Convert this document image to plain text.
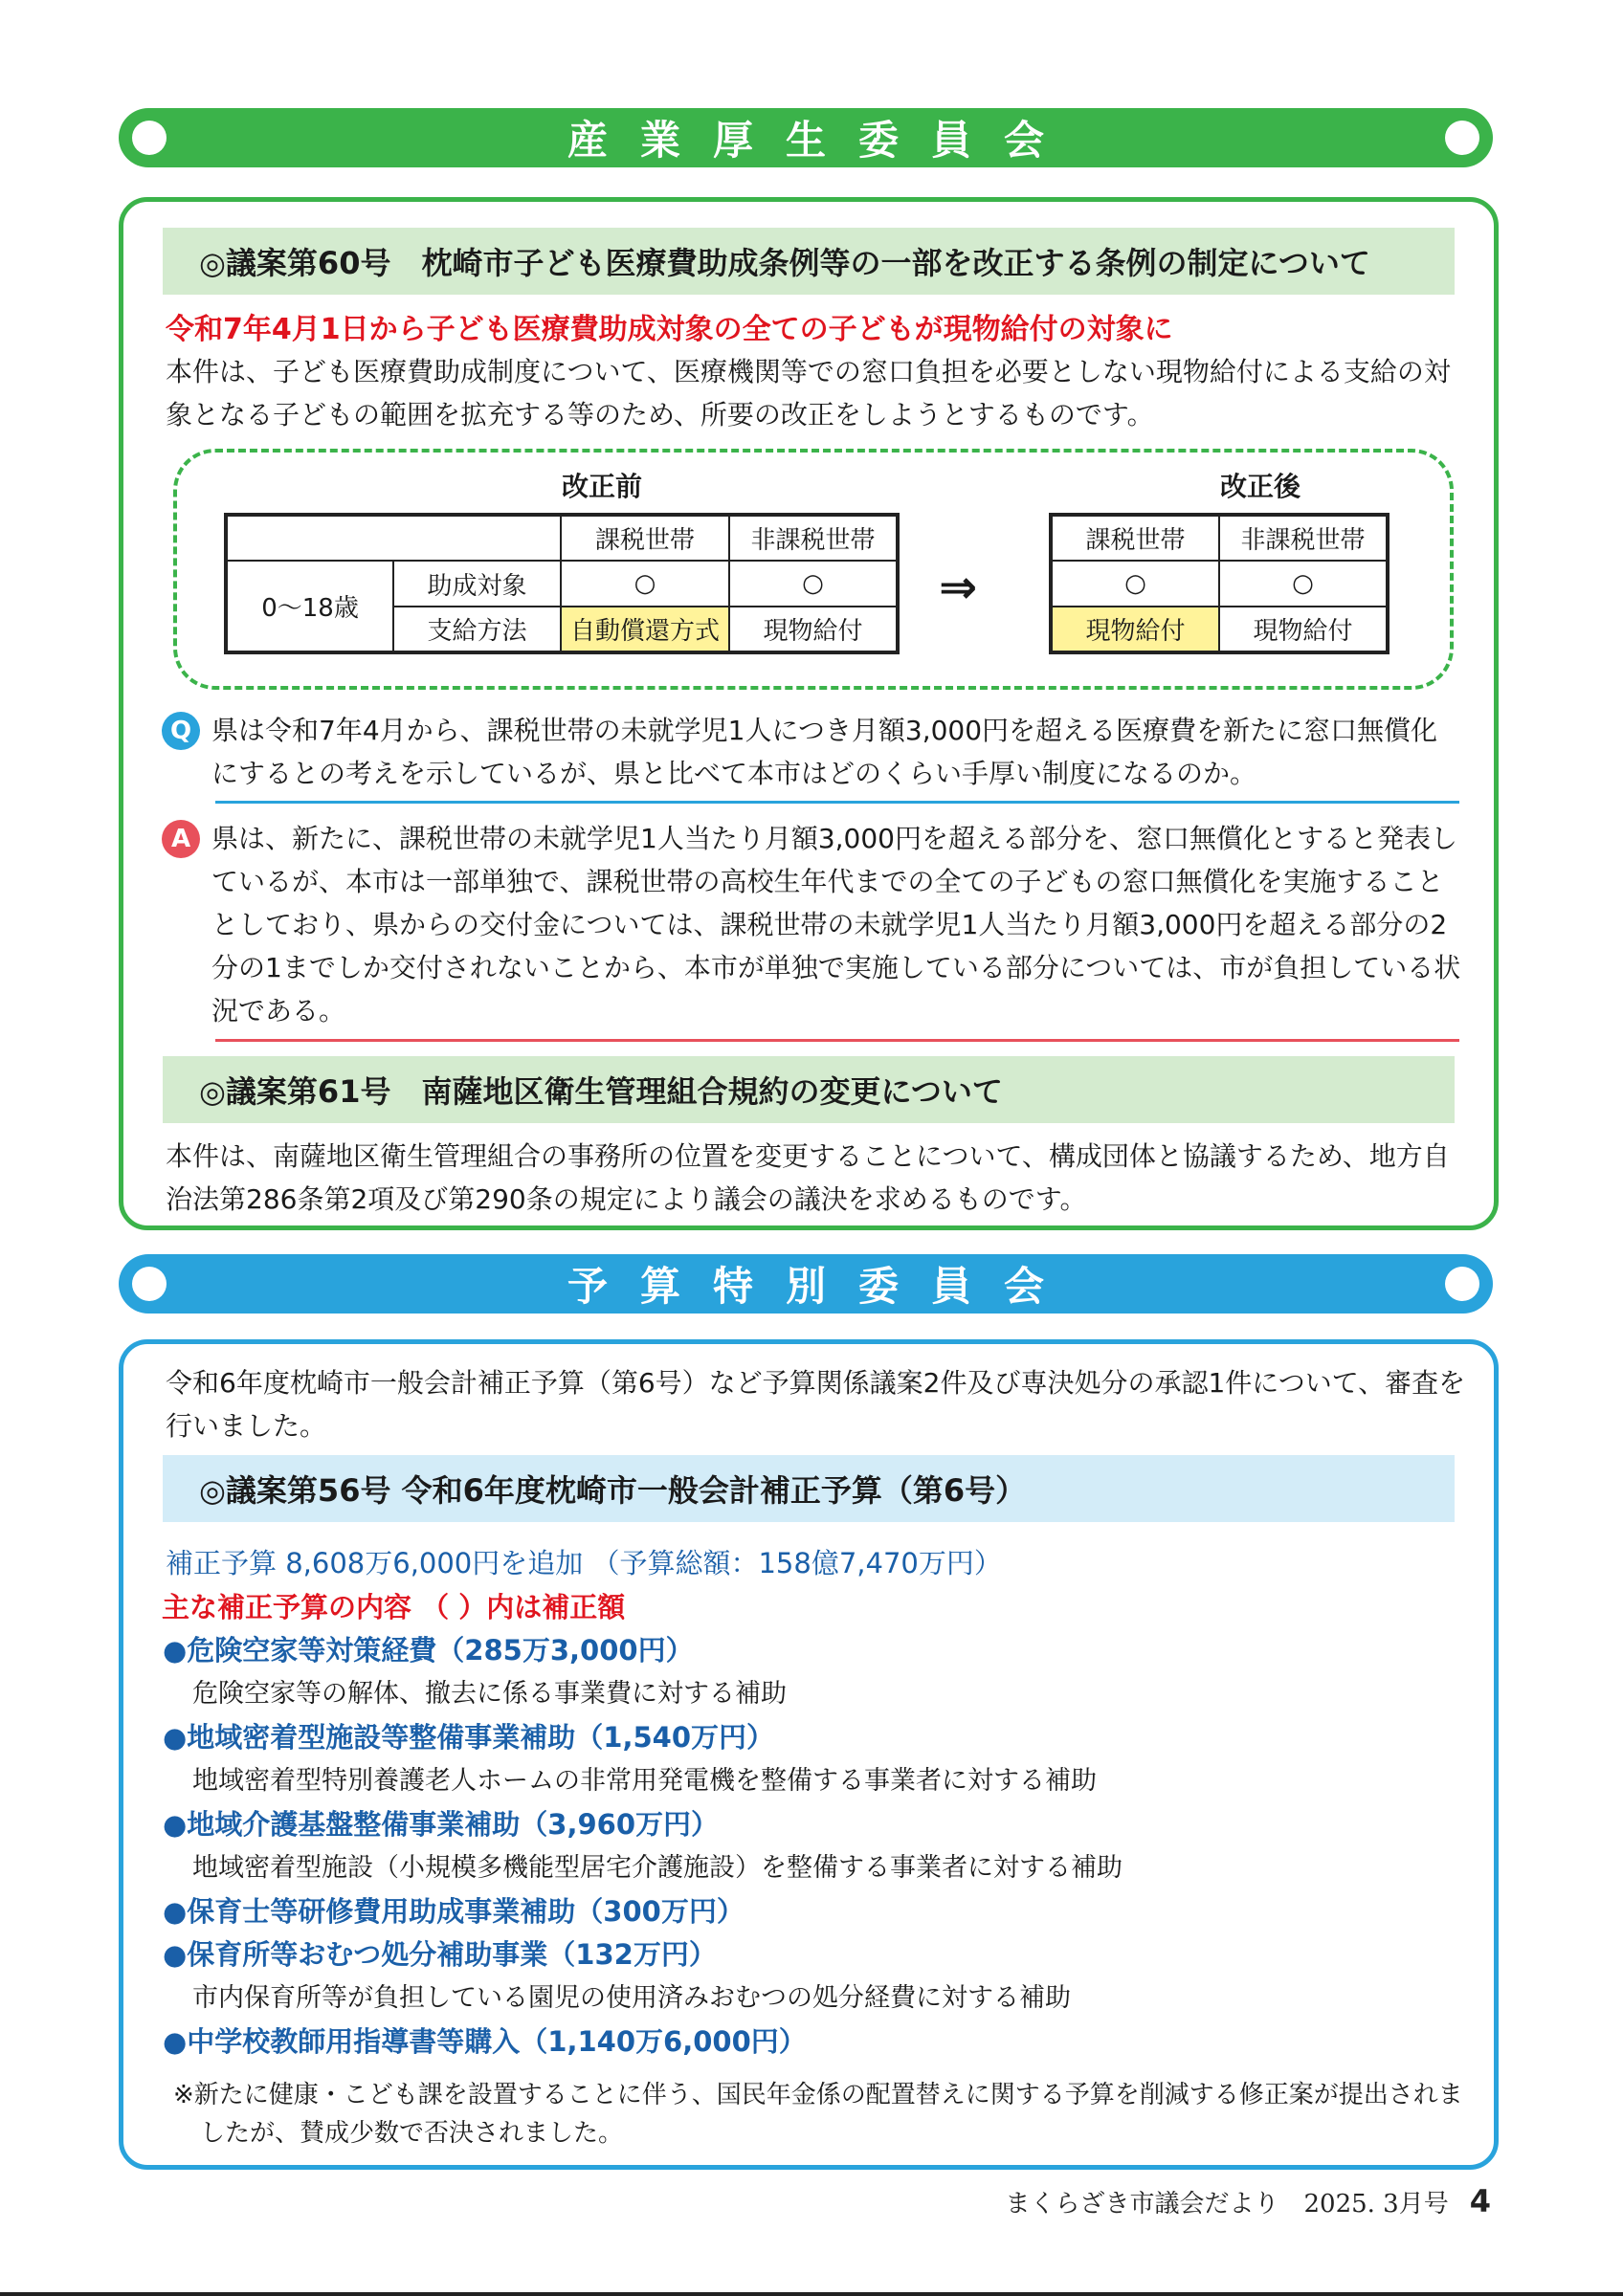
産業厚生委員会
◎議案第60号　枕崎市子ども医療費助成条例等の一部を改正する条例の制定について
令和7年4月1日から子ども医療費助成対象の全ての子どもが現物給付の対象に
本件は、子ども医療費助成制度について、医療機関等での窓口負担を必要としない現物給付による支給の対象となる子どもの範囲を拡充する等のため、所要の改正をしようとするものです。
改正前
		課税世帯	非課税世帯
0～18歳	助成対象	○	○
	支給方法	自動償還方式	現物給付
⇒
改正後
課税世帯	非課税世帯
○	○
現物給付	現物給付
Q 県は令和7年4月から、課税世帯の未就学児1人につき月額3,000円を超える医療費を新たに窓口無償化にするとの考えを示しているが、県と比べて本市はどのくらい手厚い制度になるのか。
A 県は、新たに、課税世帯の未就学児1人当たり月額3,000円を超える部分を、窓口無償化とすると発表しているが、本市は一部単独で、課税世帯の高校生年代までの全ての子どもの窓口無償化を実施することとしており、県からの交付金については、課税世帯の未就学児1人当たり月額3,000円を超える部分の2分の1までしか交付されないことから、本市が単独で実施している部分については、市が負担している状況である。
◎議案第61号　南薩地区衛生管理組合規約の変更について
本件は、南薩地区衛生管理組合の事務所の位置を変更することについて、構成団体と協議するため、地方自治法第286条第2項及び第290条の規定により議会の議決を求めるものです。
予算特別委員会
令和6年度枕崎市一般会計補正予算（第6号）など予算関係議案2件及び専決処分の承認1件について、審査を行いました。
◎議案第56号 令和6年度枕崎市一般会計補正予算（第6号）
補正予算 8,608万6,000円を追加 （予算総額：158億7,470万円）
主な補正予算の内容 （ ）内は補正額
●危険空家等対策経費（285万3,000円）
危険空家等の解体、撤去に係る事業費に対する補助
●地域密着型施設等整備事業補助（1,540万円）
地域密着型特別養護老人ホームの非常用発電機を整備する事業者に対する補助
●地域介護基盤整備事業補助（3,960万円）
地域密着型施設（小規模多機能型居宅介護施設）を整備する事業者に対する補助
●保育士等研修費用助成事業補助（300万円）
●保育所等おむつ処分補助事業（132万円）
市内保育所等が負担している園児の使用済みおむつの処分経費に対する補助
●中学校教師用指導書等購入（1,140万6,000円）
※新たに健康・こども課を設置することに伴う、国民年金係の配置替えに関する予算を削減する修正案が提出されましたが、賛成少数で否決されました。
まくらざき市議会だより　2025. 3月号 4
